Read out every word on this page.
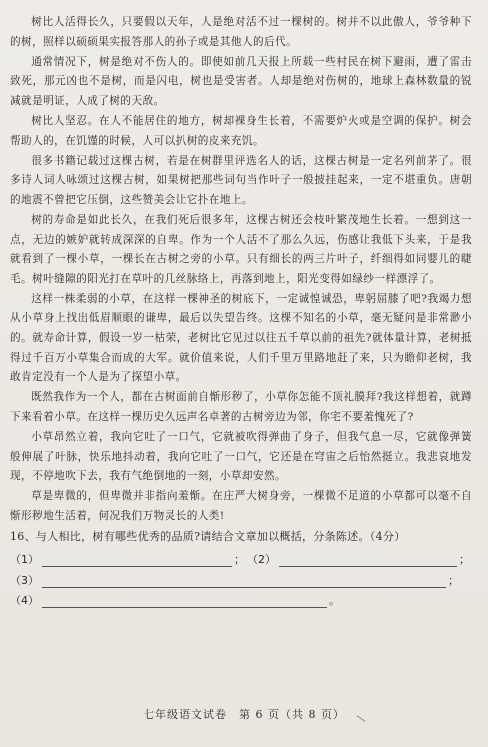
树比人活得长久，只要假以天年，人是绝对活不过一棵树的。树并不以此傲人，爷爷种下的树，照样以硕硕果实报答那人的孙子或是其他人的后代。

通常情况下，树是绝对不伤人的。即使如前几天报上所载一些村民在树下避雨，遭了雷击致死，那元凶也不是树，而是闪电，树也是受害者。人却是绝对伤树的，地球上森林数量的锐减就是明证，人成了树的天敌。

树比人坚忍。在人不能居住的地方，树却裸身生长着，不需要炉火或是空调的保护。树会帮助人的，在饥馑的时候，人可以扒树的皮来充饥。

很多书籍记载过这棵古树，若是在树群里评选名人的话，这棵古树是一定名列前茅了。很多诗人词人咏颂过这棵古树，如果树把那些词句当作叶子一般披挂起来，一定不堪重负。唐朝的地震不曾把它压倒，这些赞美会让它扑在地上。

树的寿命是如此长久，在我们死后很多年，这棵古树还会枝叶繁茂地生长着。一想到这一点，无边的嫉妒就转成深深的自卑。作为一个人活不了那么久远，伤感让我低下头来，于是我就看到了一棵小草，一棵长在古树之旁的小草。只有细长的两三片叶子，纤细得如同婴儿的睫毛。树叶缝隙的阳光打在草叶的几丝脉络上，再落到地上，阳光变得如绿纱一样漂浮了。

这样一株柔弱的小草，在这样一棵神圣的树底下，一定诚惶诚恐，卑躬屈膝了吧?我竭力想从小草身上找出低眉顺眼的谦卑，最后以失望告终。这棵不知名的小草，毫无疑问是非常渺小的。就寿命计算，假设一岁一枯荣，老树比它见过以往五千草以前的祖先?就体量计算，老树抵得过千百万小草集合而成的大军。就价值来说，人们千里万里路地赶了来，只为瞻仰老树，我敢肯定没有一个人是为了探望小草。

既然我作为一个人，都在古树面前自惭形秽了，小草你怎能不顶礼膜拜?我这样想着，就蹲下来看着小草。在这样一棵历史久远声名卓著的古树旁边为邻，你宅不要羞愧死了?

小草昂然立着，我向它吐了一口气，它就被吹得弹曲了身子，但我气息一尽，它就像弹簧般伸展了叶脉，快乐地抖动着，我向它吐了一口气，它还是在穹宙之后怡然挺立。我悲哀地发现，不停地吹下去，我有气绝倒地的一刻，小草却安然。

草是卑微的，但卑微并非指向羞惭。在庄严大树身旁，一棵微不足道的小草都可以毫不自惭形秽地生活着，何况我们万物灵长的人类!

16、与人相比，树有哪些优秀的品质?请结合文章加以概括，分条陈述。（4分）

（1）	； （2）	；
（3）	；
（4）	。
七年级语文试卷　第 6 页（共 8 页）
